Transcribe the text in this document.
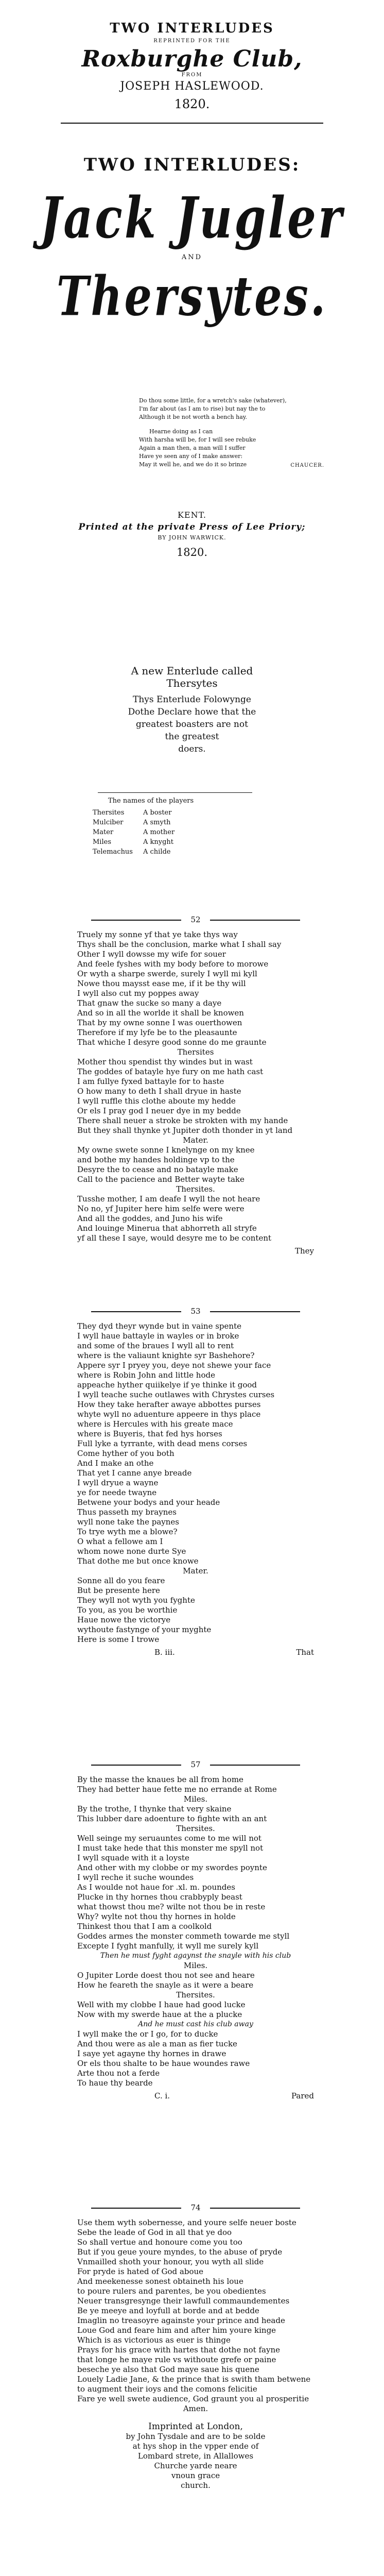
TWO INTERLUDES
REPRINTED FOR THE
Roxburghe Club,
FROM
JOSEPH HASLEWOOD.
1820.
TWO INTERLUDES:
Jack Jugler
AND
Thersytes.
Do thou some little, for a wretch's sake (whatever),
I'm far about (as I am to rise) but nay the to
Although it be not worth a bench hay.
Hearne doing as I can
With harsha will be, for I will see rebuke
Again a man then, a man will I suffer
Have ye seen any of I make answer:
May it well he, and we do it so brinze	CHAUCER.
KENT.
Printed at the private Press of Lee Priory;
BY JOHN WARWICK.
1820.
A new Enterlude called
Thersytes
Thys Enterlude Folowynge
Dothe Declare howe that the
greatest boasters are not
the greatest
doers.
The names of the players
Thersites	A boster
Mulciber	A smyth
Mater	A mother
Miles	A knyght
Telemachus	A childe
52
Truely my sonne yf that ye take thys way
Thys shall be the conclusion, marke what I shall say
Other I wyll dowsse my wife for souer
And feele fyshes with my body before to morowe
Or wyth a sharpe swerde, surely I wyll mi kyll
Nowe thou maysst ease me, if it be thy will
I wyll also cut my poppes away
That gnaw the sucke so many a daye
And so in all the worlde it shall be knowen
That by my owne sonne I was ouerthowen
Therefore if my lyfe be to the pleasaunte
That whiche I desyre good sonne do me graunte
Thersites
Mother thou spendist thy windes but in wast
The goddes of batayle hye fury on me hath cast
I am fullye fyxed battayle for to haste
O how many to deth I shall dryue in haste
I wyll ruffle this clothe aboute my hedde
Or els I pray god I neuer dye in my bedde
There shall neuer a stroke be strokten with my hande
But they shall thynke yt Jupiter doth thonder in yt land
Mater.
My owne swete sonne I knelynge on my knee
and bothe my handes holdinge vp to the
Desyre the to cease and no batayle make
Call to the pacience and Better wayte take
Thersites.
Tusshe mother, I am deafe I wyll the not heare
No no, yf Jupiter here him selfe were were
And all the goddes, and Juno his wife
And louinge Minerua that abhorreth all stryfe
yf all these I saye, would desyre me to be content
They
53
They dyd theyr wynde but in vaine spente
I wyll haue battayle in wayles or in broke
and some of the braues I wyll all to rent
where is the valiaunt knighte syr Bashehore?
Appere syr I pryey you, deye not shewe your face
where is Robin John and little hode
appeache hyther quiikelye if ye thinke it good
I wyll teache suche outlawes with Chrystes curses
How they take herafter awaye abbottes purses
whyte wyll no aduenture appeere in thys place
where is Hercules with his greate mace
where is Buyeris, that fed hys horses
Full lyke a tyrrante, with dead mens corses
Come hyther of you both
And I make an othe
That yet I canne anye breade
I wyll dryue a wayne
ye for neede twayne
Betwene your bodys and your heade
Thus passeth my braynes
wyll none take the paynes
To trye wyth me a blowe?
O what a fellowe am I
whom nowe none durte Sye
That dothe me but once knowe
Mater.
Sonne all do you feare
But be presente here
They wyll not wyth you fyghte
To you, as you be worthie
Haue nowe the victorye
wythoute fastynge of your myghte
Here is some I trowe
B. iii.	That
57
By the masse the knaues be all from home
They had better haue fette me no errande at Rome
Miles.
By the trothe, I thynke that very skaine
This lubber dare adoenture to fighte with an ant
Thersites.
Well seinge my seruauntes come to me will not
I must take hede that this monster me spyll not
I wyll squade with it a loyste
And other with my clobbe or my swordes poynte
I wyll reche it suche woundes
As I woulde not haue for .xl. m. poundes
Plucke in thy hornes thou crabbyply beast
what thowst thou me? wilte not thou be in reste
Why? wylte not thou thy hornes in holde
Thinkest thou that I am a coolkold
Goddes armes the monster commeth towarde me styll
Excepte I fyght manfully, it wyll me surely kyll
Then he must fyght agaynst the snayle with his club
Miles.
O Jupiter Lorde doest thou not see and heare
How he feareth the snayle as it were a beare
Thersites.
Well with my clobbe I haue had good lucke
Now with my swerde haue at the a plucke
And he must cast his club away
I wyll make the or I go, for to ducke
And thou were as ale a man as fier tucke
I saye yet agayne thy hornes in drawe
Or els thou shalte to be haue woundes rawe
Arte thou not a ferde
To haue thy bearde
C. i.	Pared
74
Use them wyth sobernesse, and youre selfe neuer boste
Sebe the leade of God in all that ye doo
So shall vertue and honoure come you too
But if you geue youre myndes, to the abuse of pryde
Vnmailled shoth your honour, you wyth all slide
For pryde is hated of God aboue
And meekenesse sonest obtaineth his loue
to poure rulers and parentes, be you obedientes
Neuer transgresynge their lawfull commaundementes
Be ye meeye and loyfull at borde and at bedde
Imaglin no treasoyre againste your prince and heade
Loue God and feare him and after him youre kinge
Which is as victorious as euer is thinge
Prays for his grace with hartes that dothe not fayne
that longe he maye rule vs withoute grefe or paine
beseche ye also that God maye saue his quene
Louely Ladie Jane, & the prince that is swith tham betwene
to augment their ioys and the comons felicitie
Fare ye well swete audience, God graunt you al prosperitie
Amen.
Imprinted at London,
by John Tysdale and are to be solde
at hys shop in the vpper ende of
Lombard strete, in Allallowes
Churche yarde neare
vnoun grace
church.
